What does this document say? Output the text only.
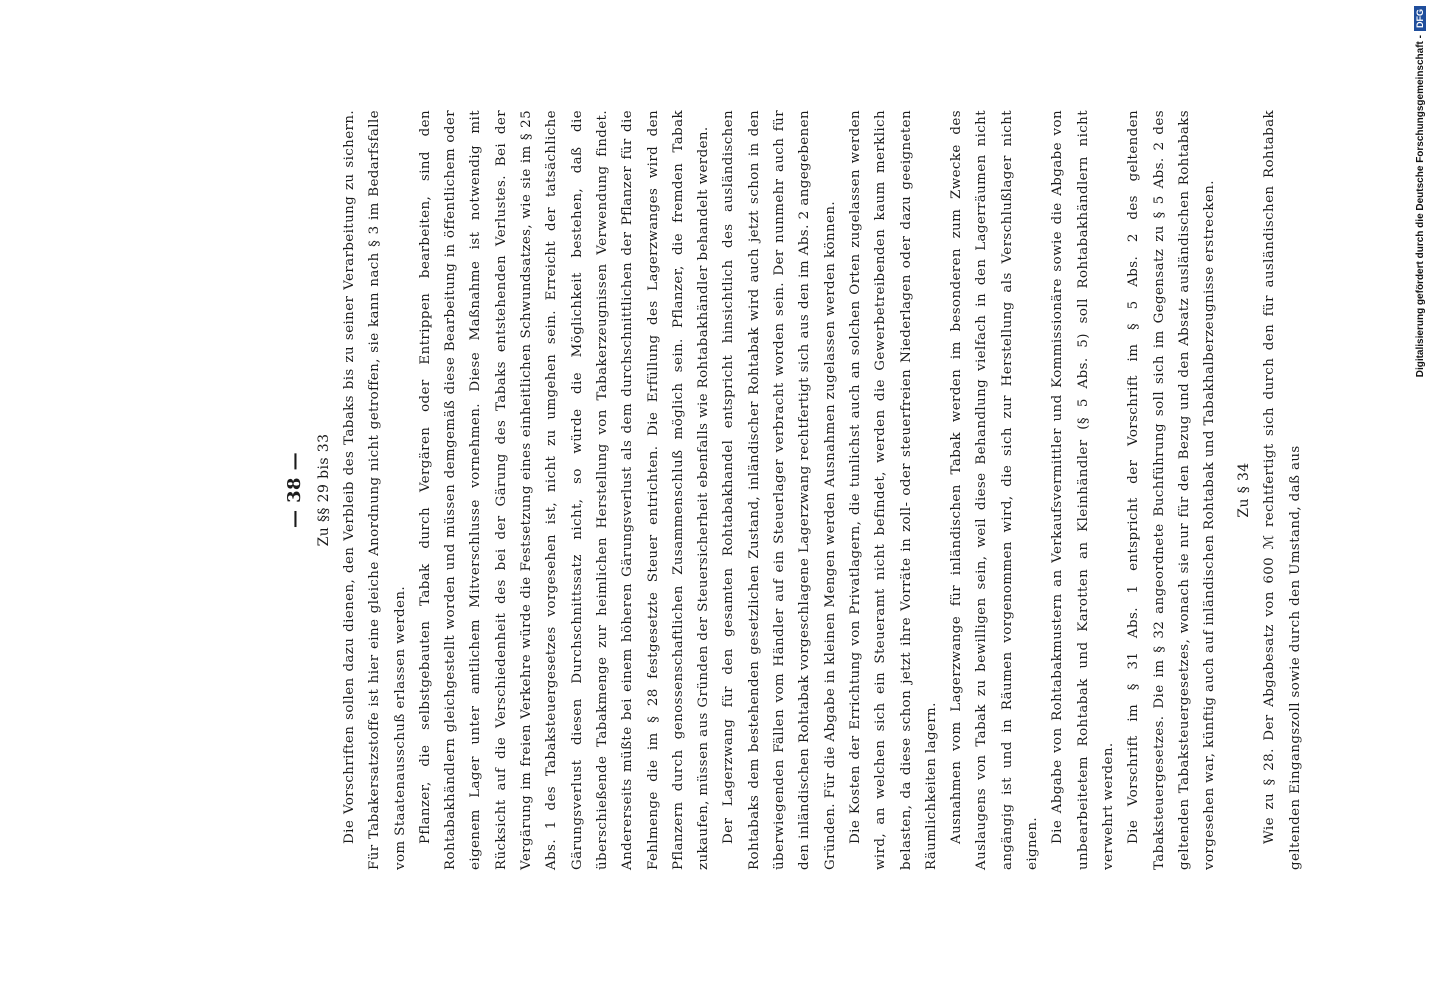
— 38 — Zu §§ 29 bis 33 Die Vorschriften sollen dazu dienen, den Verbleib des Tabaks bis zu seiner Verarbeitung zu sichern. Für Tabakersatzstoffe ist hier eine gleiche Anordnung nicht getroffen, sie kann nach § 3 im Bedarfsfalle vom Staatenausschuß erlassen werden. Pflanzer, die selbstgebauten Tabak durch Vergären oder Entrippen bearbeiten, sind den Rohtabakhändlern gleichgestellt worden und müssen demgemäß diese Bearbeitung in öffentlichem oder eigenem Lager unter amtlichem Mitverschlusse vornehmen. Diese Maßnahme ist notwendig mit Rücksicht auf die Verschiedenheit des bei der Gärung des Tabaks entstehenden Verlustes. Bei der Vergärung im freien Verkehre würde die Festsetzung eines einheitlichen Schwundsatzes, wie sie im § 25 Abs. 1 des Tabaksteuergesetzes vorgesehen ist, nicht zu umgehen sein. Erreicht der tatsächliche Gärungsverlust diesen Durchschnittssatz nicht, so würde die Möglichkeit bestehen, daß die überschießende Tabakmenge zur heimlichen Herstellung von Tabakerzeugnissen Verwendung findet. Andererseits müßte bei einem höheren Gärungsverlust als dem durchschnittlichen der Pflanzer für die Fehlmenge die im § 28 festgesetzte Steuer entrichten. Die Erfüllung des Lagerzwanges wird den Pflanzern durch genossenschaftlichen Zusammenschluß möglich sein. Pflanzer, die fremden Tabak zukaufen, müssen aus Gründen der Steuersicherheit ebenfalls wie Rohtabakhändler behandelt werden. Der Lagerzwang für den gesamten Rohtabakhandel entspricht hinsichtlich des ausländischen Rohtabaks dem bestehenden gesetzlichen Zustand, inländischer Rohtabak wird auch jetzt schon in den überwiegenden Fällen vom Händler auf ein Steuerlager verbracht worden sein. Der nunmehr auch für den inländischen Rohtabak vorgeschlagene Lagerzwang rechtfertigt sich aus den im Abs. 2 angegebenen Gründen. Für die Abgabe in kleinen Mengen werden Ausnahmen zugelassen werden können. Die Kosten der Errichtung von Privatlagern, die tunlichst auch an solchen Orten zugelassen werden wird, an welchen sich ein Steueramt nicht befindet, werden die Gewerbetreibenden kaum merklich belasten, da diese schon jetzt ihre Vorräte in zoll- oder steuerfreien Niederlagen oder dazu geeigneten Räumlichkeiten lagern. Ausnahmen vom Lagerzwange für inländischen Tabak werden im besonderen zum Zwecke des Auslaugens von Tabak zu bewilligen sein, weil diese Behandlung vielfach in den Lagerräumen nicht angängig ist und in Räumen vorgenommen wird, die sich zur Herstellung als Verschlußlager nicht eignen. Die Abgabe von Rohtabakmustern an Verkaufsvermittler und Kommissionäre sowie die Abgabe von unbearbeitetem Rohtabak und Karotten an Kleinhändler (§ 5 Abs. 5) soll Rohtabakhändlern nicht verwehrt werden. Die Vorschrift im § 31 Abs. 1 entspricht der Vorschrift im § 5 Abs. 2 des geltenden Tabaksteuergesetzes. Die im § 32 angeordnete Buchführung soll sich im Gegensatz zu § 5 Abs. 2 des geltenden Tabaksteuergesetzes, wonach sie nur für den Bezug und den Absatz ausländischen Rohtabaks vorgesehen war, künftig auch auf inländischen Rohtabak und Tabakhalberzeugnisse erstrecken.	Zu § 34 Wie zu § 28. Der Abgabesatz von 600 ℳ rechtfertigt sich durch den für ausländischen Rohtabak geltenden Eingangszoll sowie durch den Umstand, daß aus

Digitalisierung gefördert durch die Deutsche Forschungsgemeinschaft -
DFG
